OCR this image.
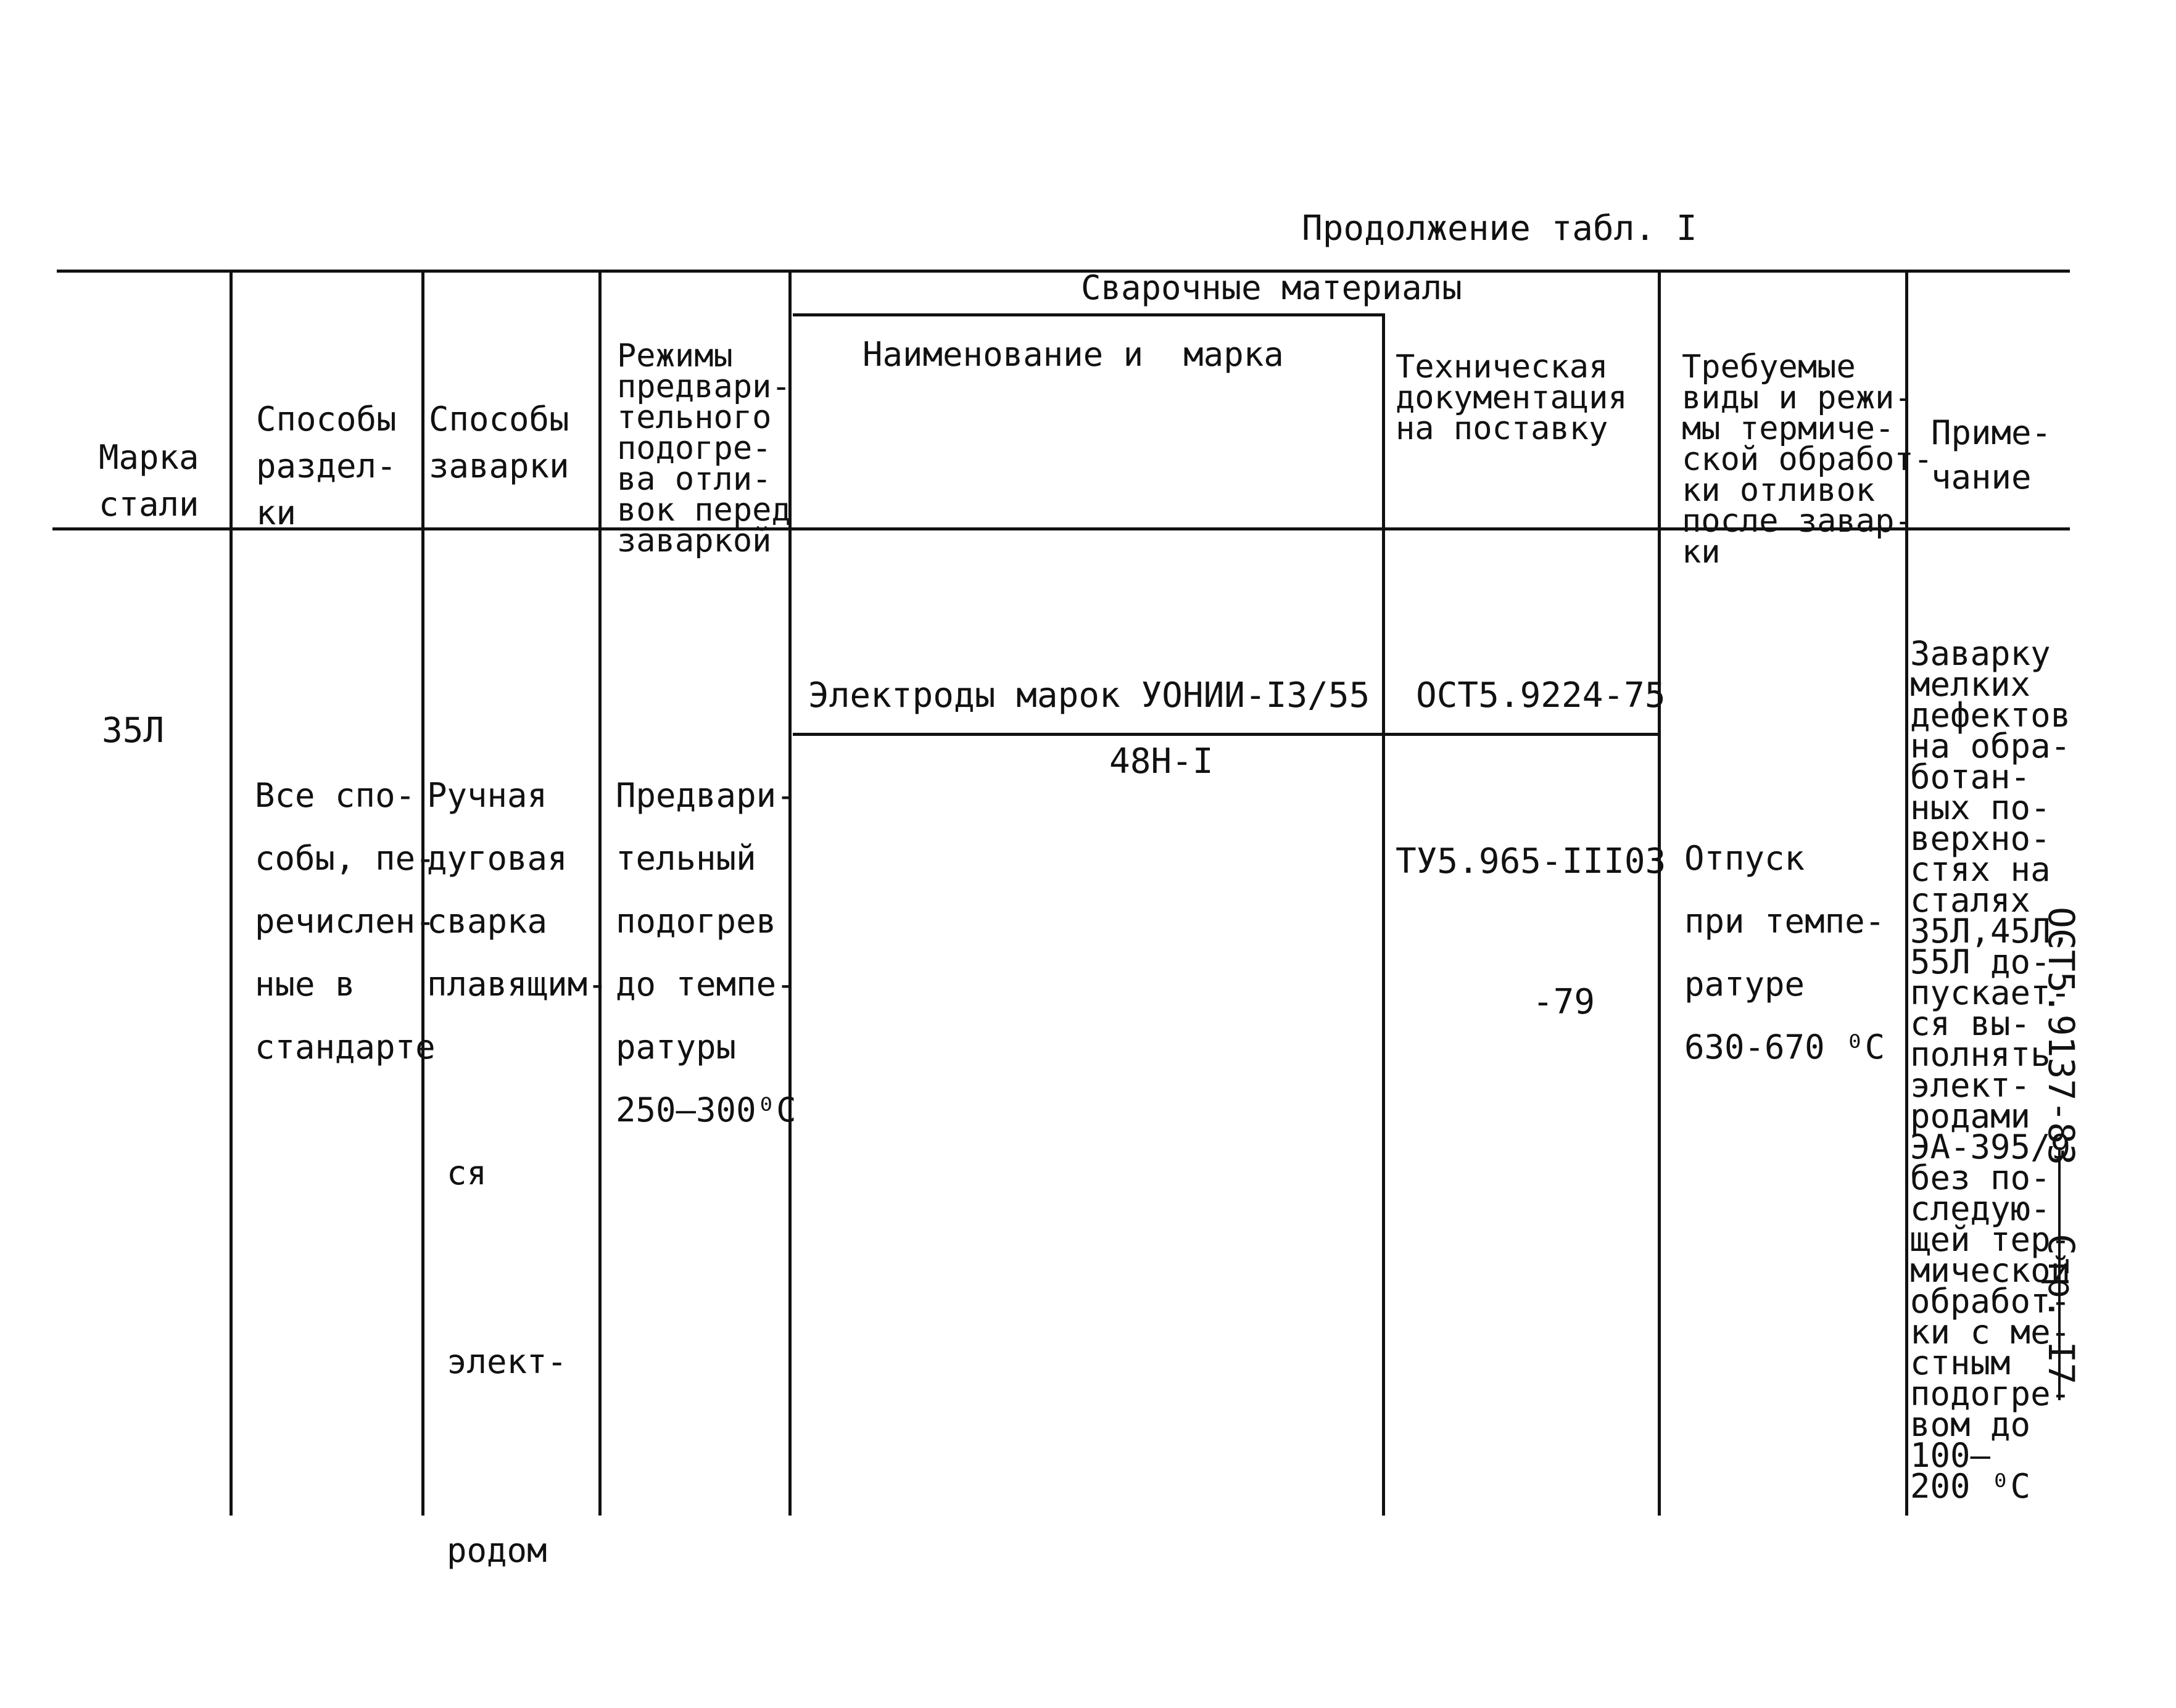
Продолжение табл. I

Марка
стали

Способы
раздел-
ки

Способы
заварки

Режимы
предвари-
тельного
подогре-
ва отли-
вок перед
заваркой

Сварочные материалы
Наименование и  марка

	Техническая
документация
на поставку

Требуемые
виды и режи-
мы термиче-
ской обработ-
ки отливок
после завар-
ки

Приме-
чание

35Л

Все спо-
собы, пе-
речислен-
ные в
стандарте

Ручная
дуговая
сварка
плавящим-

ся

элект-

родом

Предвари-
тельный
подогрев
до темпе-
ратуры
250–300⁰С

Электроды марок УОНИИ-I3/55
48Н-I
ОСТ5.9224-75

ТУ5.965-III03

-79

Отпуск
при темпе-
ратуре
630-670 ⁰С

Заварку
мелких
дефектов
на обра-
ботан-
ных по-
верхно-
стях на
сталях
35Л,45Л,
55Л до-
пускает-
ся вы-
полнять
элект-
родами
ЭА-395/9
без по-
следую-
щей тер-
мической
обработ-
ки с ме-
стным
подогре-
вом до
100–
200 ⁰С

ОСТ5.9137-83
Стр. I7
